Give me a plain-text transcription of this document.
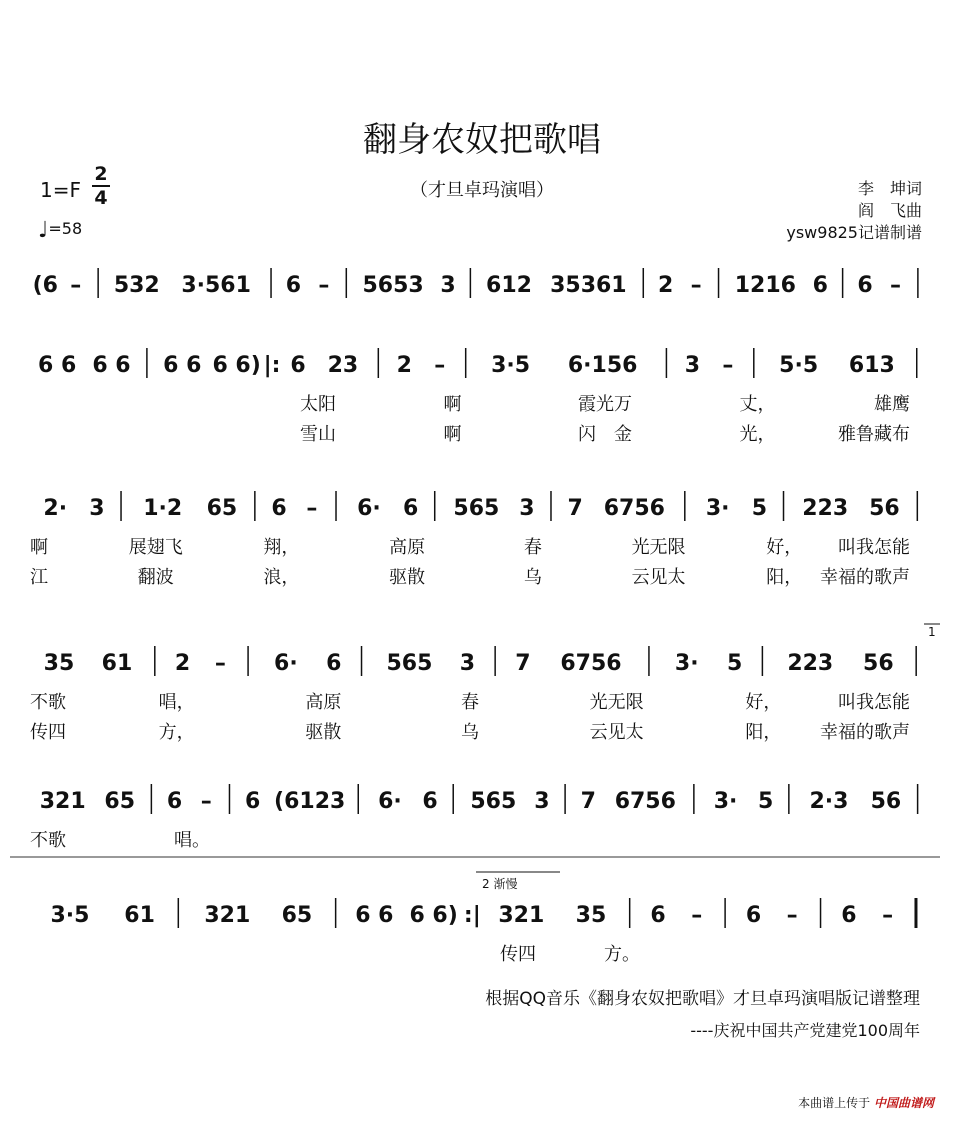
翻身农奴把歌唱
（才旦卓玛演唱）
1=F
2
4
♩=58
李　坤词
阎　飞曲
ysw9825记谱制谱
(6 – 532 3·561 6 – 5653 3 612 35361 2 – 1216 6 6 –
6 6 6 6 6 6 6 6) |: 6 23 2 – 3·5 6·156 3 – 5·5 613
太阳	啊	霞光万	丈，	雄鹰
雪山	啊	闪　金	光，	雅鲁藏布
2· 3 1·2 65 6 – 6· 6 565 3 7 6756 3· 5 223 56
啊	展翅飞	翔，	高原	春	光无限	好， 叫我怎能
江	翻波	浪，	驱散	乌	云见太	阳， 幸福的歌声
35 61 2 – 6· 6 565 3 7 6756 3· 5 223 56
不歌	唱，	高原	春	光无限	好，	叫我怎能
传四	方，	驱散	乌	云见太	阳， 幸福的歌声
1
321 65 6 – 6 (6123 6· 6 565 3 7 6756 3· 5 2·3 56
不歌	唱。
3·5 61 321 65 6 6 6 6) :| 321 35 6 – 6 – 6 –
传四	方。
2 渐慢
根据QQ音乐《翻身农奴把歌唱》才旦卓玛演唱版记谱整理
----庆祝中国共产党建党100周年
本曲谱上传于 中国曲谱网
